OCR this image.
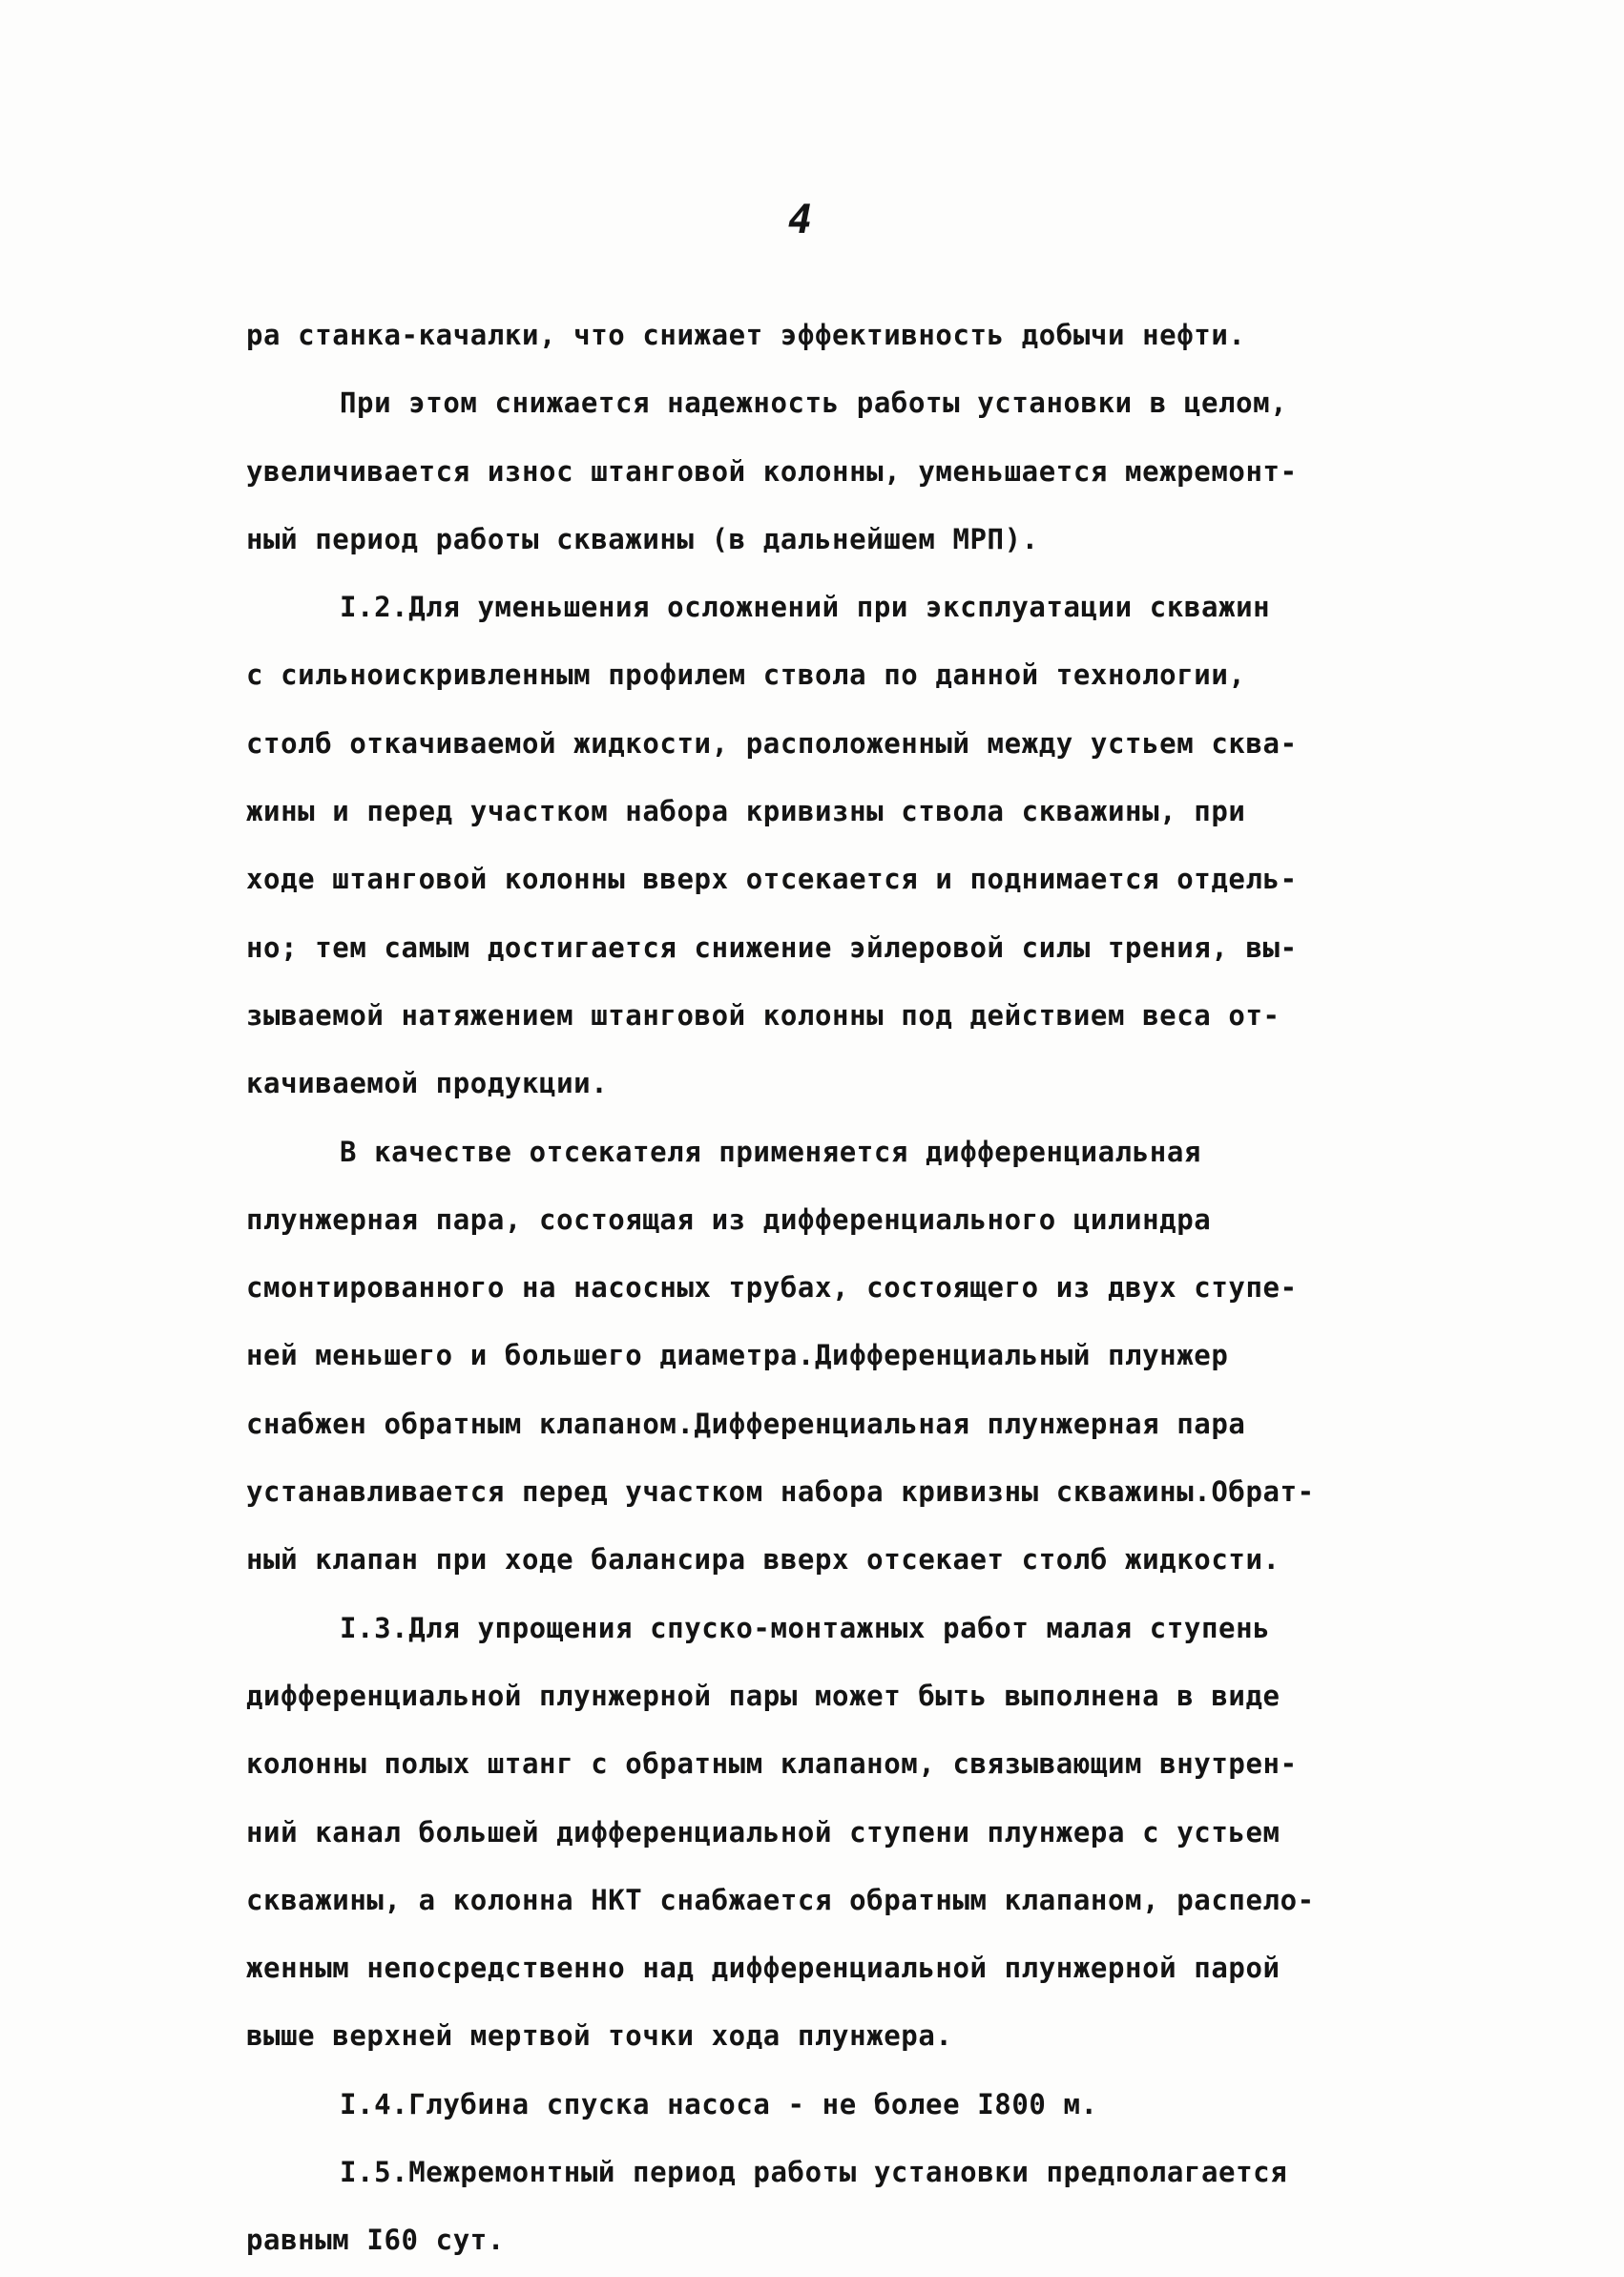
4
ра станка-качалки, что снижает эффективность добычи нефти.
При этом снижается надежность работы установки в целом,
увеличивается износ штанговой колонны, уменьшается межремонт-
ный период работы скважины (в дальнейшем МРП).
I.2.Для уменьшения осложнений при эксплуатации скважин
с сильноискривленным профилем ствола по данной технологии,
столб откачиваемой жидкости, расположенный между устьем сква-
жины и перед участком набора кривизны ствола скважины, при
ходе штанговой колонны вверх отсекается и поднимается отдель-
но; тем самым достигается снижение эйлеровой силы трения, вы-
зываемой натяжением штанговой колонны под действием веса от-
качиваемой продукции.
В качестве отсекателя применяется дифференциальная
плунжерная пара, состоящая из дифференциального цилиндра
смонтированного на насосных трубах, состоящего из двух ступе-
ней меньшего и большего диаметра.Дифференциальный плунжер
снабжен обратным клапаном.Дифференциальная плунжерная пара
устанавливается перед участком набора кривизны скважины.Обрат-
ный клапан при ходе балансира вверх отсекает столб жидкости.
I.3.Для упрощения спуско-монтажных работ малая ступень
дифференциальной плунжерной пары может быть выполнена в виде
колонны полых штанг с обратным клапаном, связывающим внутрен-
ний канал большей дифференциальной ступени плунжера с устьем
скважины, а колонна НКТ снабжается обратным клапаном, распело-
женным непосредственно над дифференциальной плунжерной парой
выше верхней мертвой точки хода плунжера.
I.4.Глубина спуска насоса - не более I800 м.
I.5.Межремонтный период работы установки предполагается
равным I60 сут.
